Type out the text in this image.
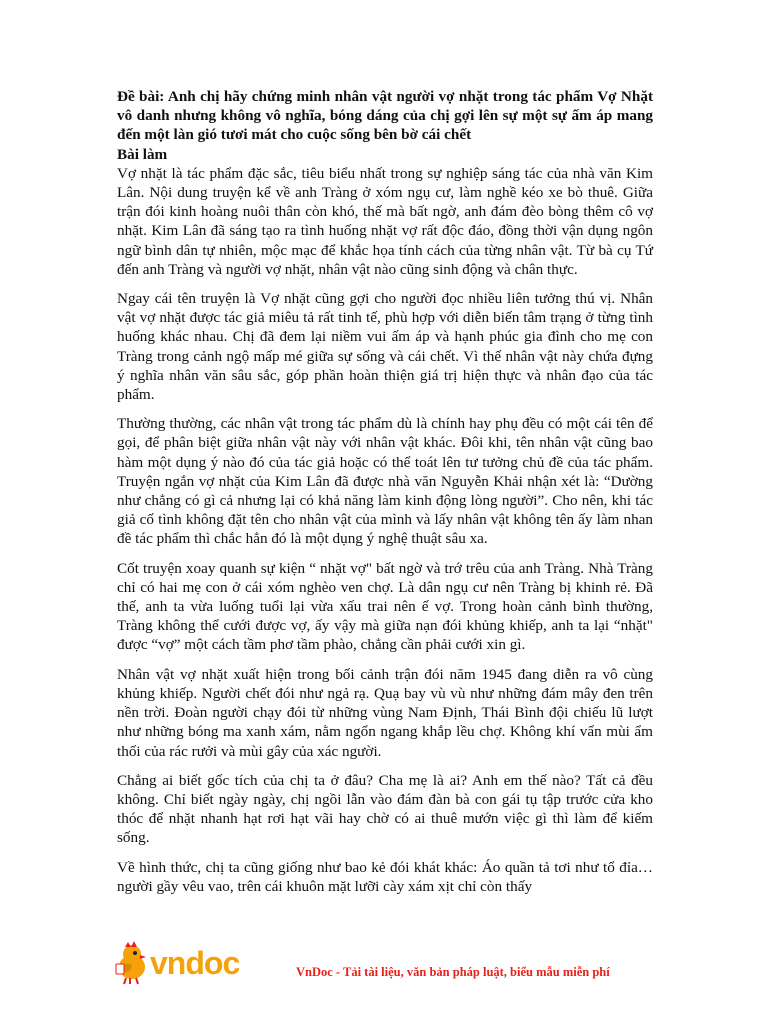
Đề bài: Anh chị hãy chứng minh nhân vật người vợ nhặt trong tác phẩm Vợ Nhặt vô danh nhưng không vô nghĩa, bóng dáng của chị gợi lên sự một sự ấm áp mang đến một làn gió tươi mát cho cuộc sống bên bờ cái chết

Bài làm

Vợ nhặt là tác phẩm đặc sắc, tiêu biểu nhất trong sự nghiệp sáng tác của nhà văn Kim Lân. Nội dung truyện kể về anh Tràng ở xóm ngụ cư, làm nghề kéo xe bò thuê. Giữa trận đói kinh hoàng nuôi thân còn khó, thế mà bất ngờ, anh đám đèo bòng thêm cô vợ nhặt. Kim Lân đã sáng tạo ra tình huống nhặt vợ rất độc đáo, đồng thời vận dụng ngôn ngữ bình dân tự nhiên, mộc mạc để khắc họa tính cách của từng nhân vật. Từ bà cụ Tứ đến anh Tràng và người vợ nhặt, nhân vật nào cũng sinh động và chân thực.

Ngay cái tên truyện là Vợ nhặt cũng gợi cho người đọc nhiều liên tưởng thú vị. Nhân vật vợ nhặt được tác giả miêu tả rất tinh tế, phù hợp với diễn biến tâm trạng ở từng tình huống khác nhau. Chị đã đem lại niềm vui ấm áp và hạnh phúc gia đình cho mẹ con Tràng trong cảnh ngộ mấp mé giữa sự sống và cái chết. Vì thế nhân vật này chứa đựng ý nghĩa nhân văn sâu sắc, góp phần hoàn thiện giá trị hiện thực và nhân đạo của tác phẩm.

Thường thường, các nhân vật trong tác phẩm dù là chính hay phụ đều có một cái tên để gọi, để phân biệt giữa nhân vật này với nhân vật khác. Đôi khi, tên nhân vật cũng bao hàm một dụng ý nào đó của tác giả hoặc có thể toát lên tư tưởng chủ đề của tác phẩm. Truyện ngắn vợ nhặt của Kim Lân đã được nhà văn Nguyễn Khải nhận xét là: “Dường như chẳng có gì cả nhưng lại có khả năng làm kinh động lòng người”. Cho nên, khi tác giả cố tình không đặt tên cho nhân vật của mình và lấy nhân vật không tên ấy làm nhan đề tác phẩm thì chắc hẳn đó là một dụng ý nghệ thuật sâu xa.

Cốt truyện xoay quanh sự kiện “ nhặt vợ" bất ngờ và trớ trêu của anh Tràng. Nhà Tràng chỉ có hai mẹ con ở cái xóm nghèo ven chợ. Là dân ngụ cư nên Tràng bị khinh rẻ. Đã thế, anh ta vừa luống tuổi lại vừa xấu trai nên ế vợ. Trong hoàn cảnh bình thường, Tràng không thể cưới được vợ, ấy vậy mà giữa nạn đói khủng khiếp, anh ta lại “nhặt" được “vợ” một cách tầm phơ tầm phào, chẳng cần phải cưới xin gì.

Nhân vật vợ nhặt xuất hiện trong bối cảnh trận đói năm 1945 đang diễn ra vô cùng khủng khiếp. Người chết đói như ngả rạ. Quạ bay vù vù như những đám mây đen trên nền trời. Đoàn người chạy đói từ những vùng Nam Định, Thái Bình đội chiếu lũ lượt như những bóng ma xanh xám, nằm ngổn ngang khắp lều chợ. Không khí vẩn mùi ẩm thối của rác rưởi và mùi gây của xác người.

Chẳng ai biết gốc tích của chị ta ở đâu? Cha mẹ là ai? Anh em thế nào? Tất cả đều không. Chỉ biết ngày ngày, chị ngồi lẫn vào đám đàn bà con gái tụ tập trước cửa kho thóc để nhặt nhanh hạt rơi hạt vãi hay chờ có ai thuê mướn việc gì thì làm để kiếm sống.

Về hình thức, chị ta cũng giống như bao kẻ đói khát khác: Áo quần tả tơi như tổ đỉa… người gầy vêu vao, trên cái khuôn mặt lưỡi cày xám xịt chỉ còn thấy

vndoc	VnDoc - Tải tài liệu, văn bản pháp luật, biểu mẫu miễn phí
